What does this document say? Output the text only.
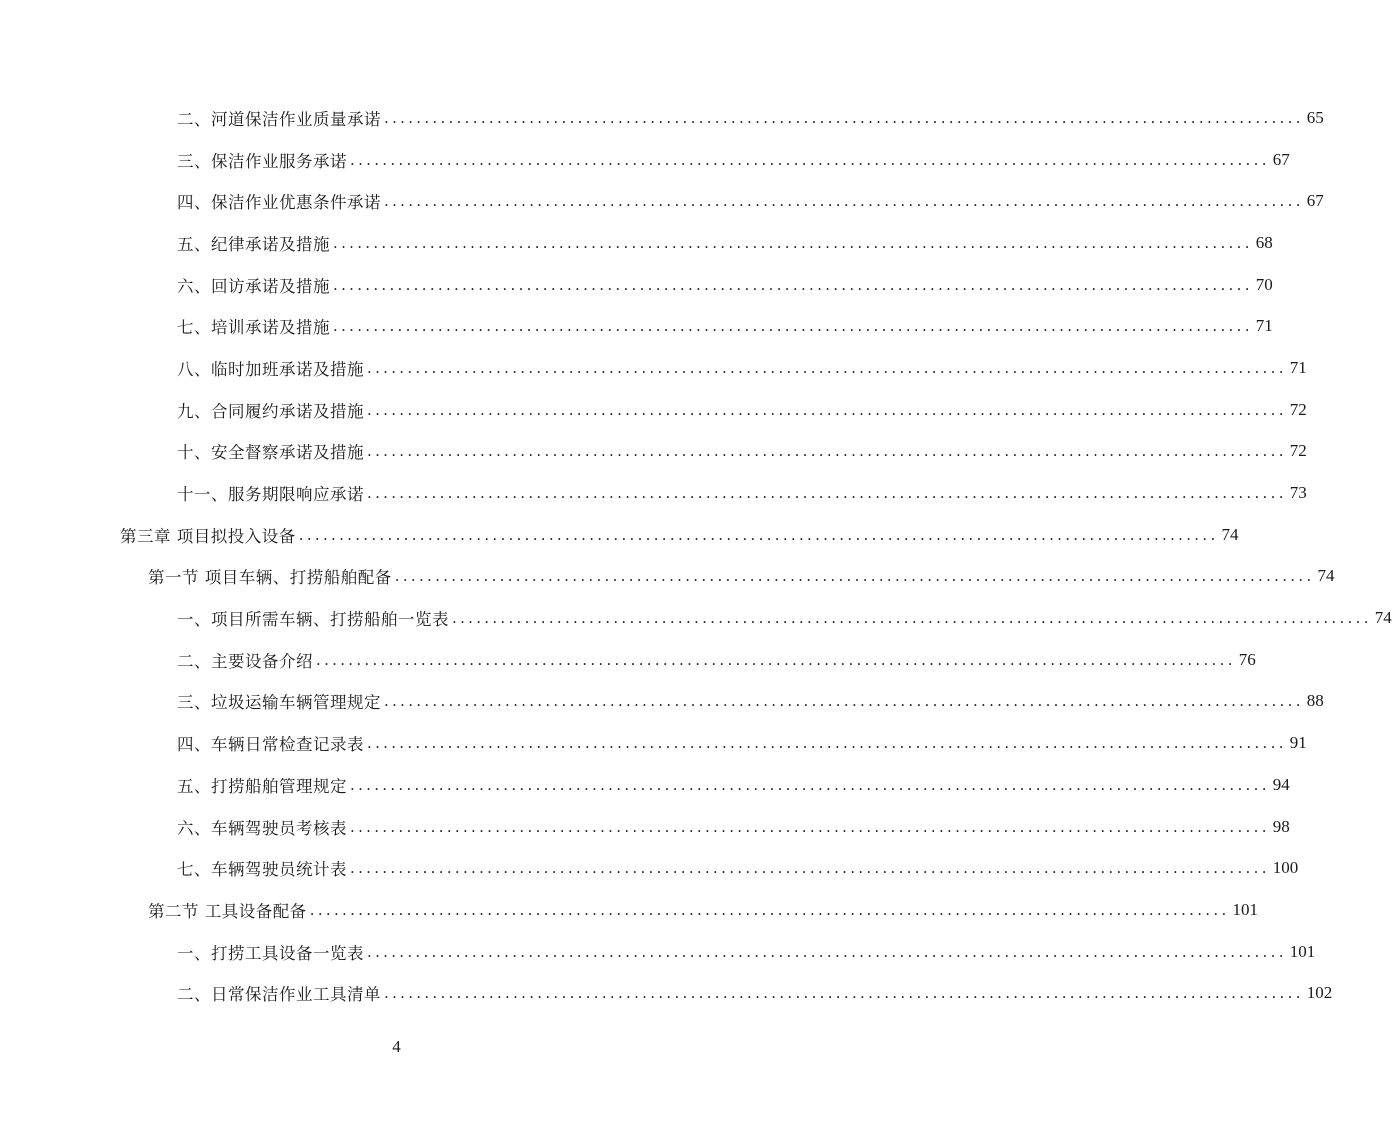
二、河道保洁作业质量承诺 .................................................................................................................. 65
三、保洁作业服务承诺 .................................................................................................................. 67
四、保洁作业优惠条件承诺 .................................................................................................................. 67
五、纪律承诺及措施 .................................................................................................................. 68
六、回访承诺及措施 .................................................................................................................. 70
七、培训承诺及措施 .................................................................................................................. 71
八、临时加班承诺及措施 .................................................................................................................. 71
九、合同履约承诺及措施 .................................................................................................................. 72
十、安全督察承诺及措施 .................................................................................................................. 72
十一、服务期限响应承诺 .................................................................................................................. 73
第三章 项目拟投入设备 .................................................................................................................. 74
第一节 项目车辆、打捞船舶配备 .................................................................................................................. 74
一、项目所需车辆、打捞船舶一览表 .................................................................................................................. 74
二、主要设备介绍 .................................................................................................................. 76
三、垃圾运输车辆管理规定 .................................................................................................................. 88
四、车辆日常检查记录表 .................................................................................................................. 91
五、打捞船舶管理规定 .................................................................................................................. 94
六、车辆驾驶员考核表 .................................................................................................................. 98
七、车辆驾驶员统计表 .................................................................................................................. 100
第二节 工具设备配备 .................................................................................................................. 101
一、打捞工具设备一览表 .................................................................................................................. 101
二、日常保洁作业工具清单 .................................................................................................................. 102
4
